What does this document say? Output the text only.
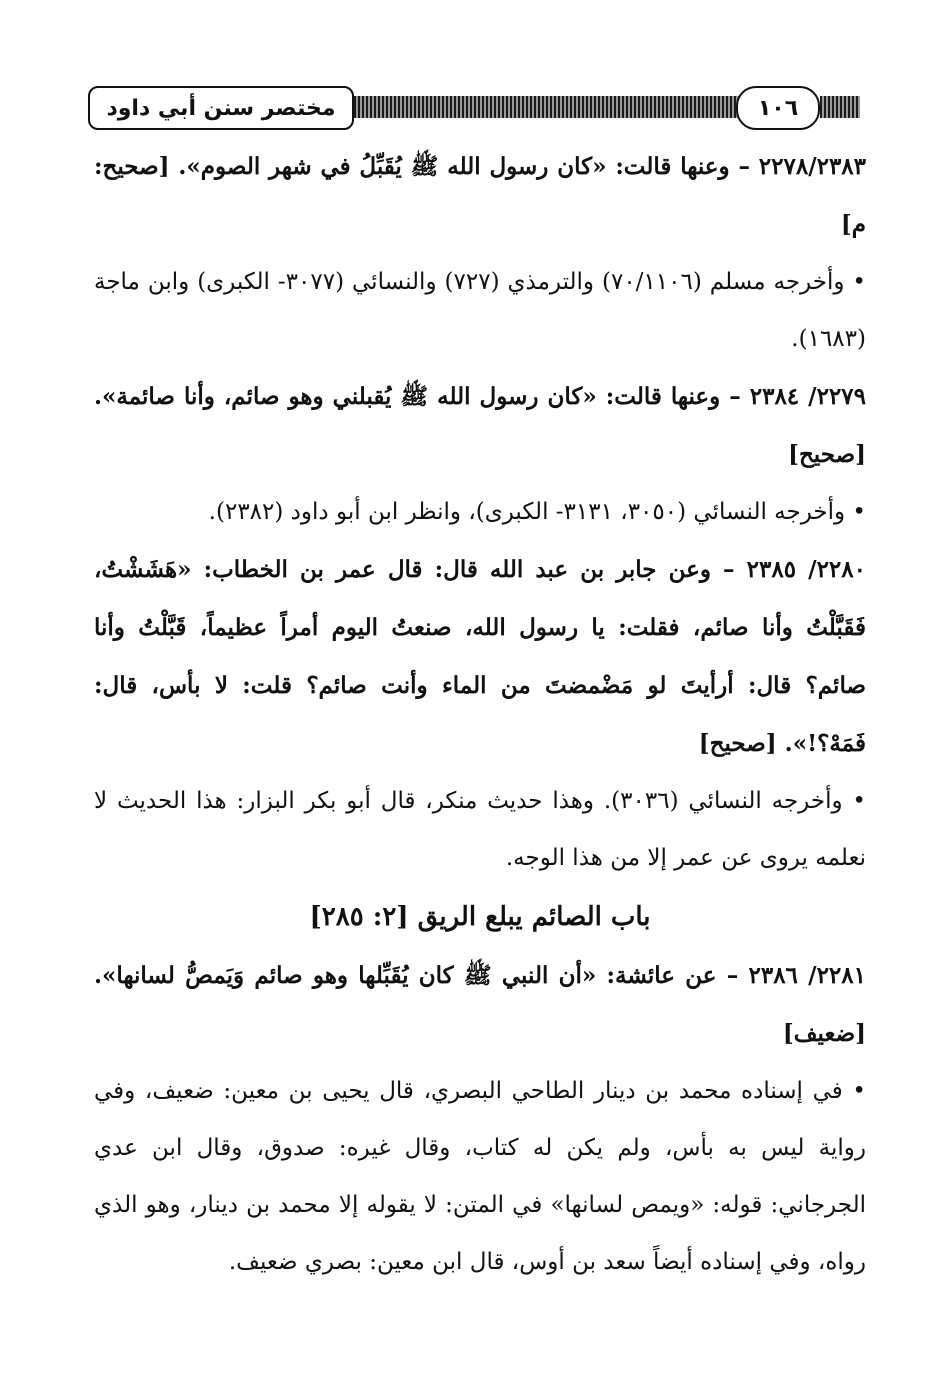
مختصر سنن أبي داود	١٠٦

٢٢٧٨/٢٣٨٣ – وعنها قالت: «كان رسول الله ﷺ يُقَبِّلُ في شهر الصوم». [صحيح: م]

• وأخرجه مسلم (٧٠/١١٠٦) والترمذي (٧٢٧) والنسائي (٣٠٧٧- الكبرى) وابن ماجة (١٦٨٣).

٢٢٧٩/ ٢٣٨٤ – وعنها قالت: «كان رسول الله ﷺ يُقبلني وهو صائم، وأنا صائمة». [صحيح]

• وأخرجه النسائي (٣٠٥٠، ٣١٣١- الكبرى)، وانظر ابن أبو داود (٢٣٨٢).

٢٢٨٠/ ٢٣٨٥ – وعن جابر بن عبد الله قال: قال عمر بن الخطاب: «هَشَشْتُ، فَقَبَّلْتُ وأنا صائم، فقلت: يا رسول الله، صنعتُ اليوم أمراً عظيماً، قَبَّلْتُ وأنا صائم؟ قال: أرأيتَ لو مَضْمضتَ من الماء وأنت صائم؟ قلت: لا بأس، قال: فَمَهْ؟!». [صحيح]

• وأخرجه النسائي (٣٠٣٦). وهذا حديث منكر، قال أبو بكر البزار: هذا الحديث لا نعلمه يروى عن عمر إلا من هذا الوجه.

باب الصائم يبلع الريق [٢: ٢٨٥]

٢٢٨١/ ٢٣٨٦ – عن عائشة: «أن النبي ﷺ كان يُقَبِّلها وهو صائم وَيَمصُّ لسانها». [ضعيف]

• في إسناده محمد بن دينار الطاحي البصري، قال يحيى بن معين: ضعيف، وفي رواية ليس به بأس، ولم يكن له كتاب، وقال غيره: صدوق، وقال ابن عدي الجرجاني: قوله: «ويمص لسانها» في المتن: لا يقوله إلا محمد بن دينار، وهو الذي رواه، وفي إسناده أيضاً سعد بن أوس، قال ابن معين: بصري ضعيف.
